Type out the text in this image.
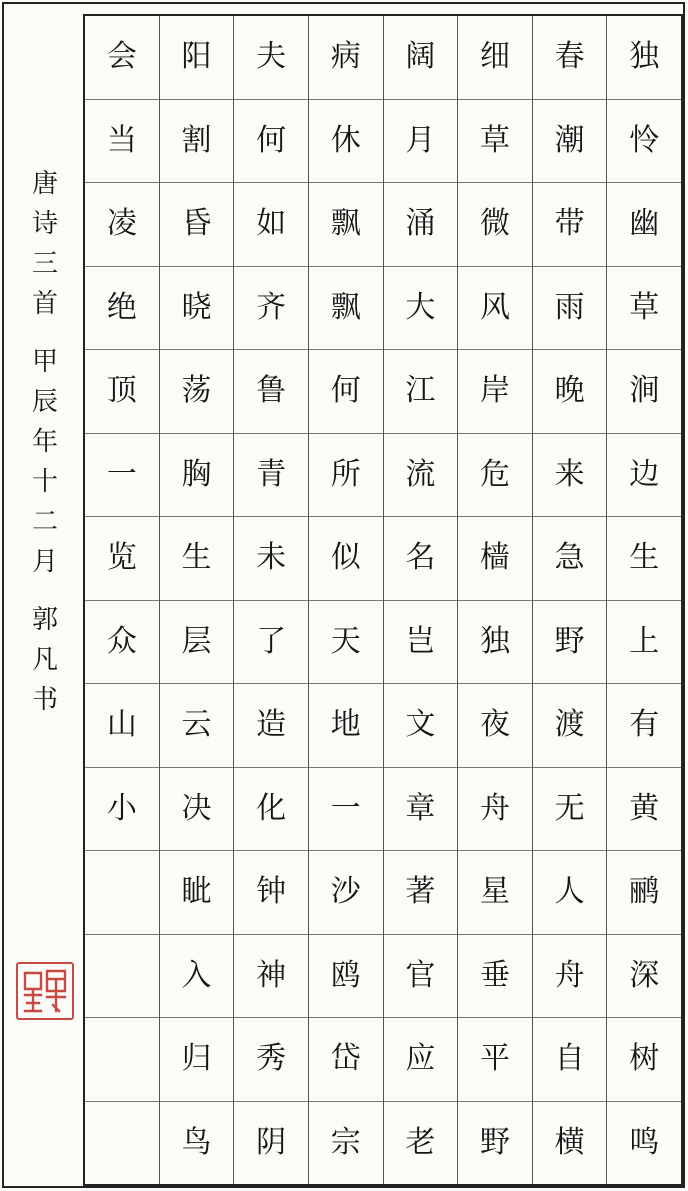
唐
诗
三
首
甲
辰
年
十
二
月
郭
凡
书
独
怜
幽
草
涧
边
生
上
有
黄
鹂
深
树
鸣
春
潮
带
雨
晚
来
急
野
渡
无
人
舟
自
横
细
草
微
风
岸
危
樯
独
夜
舟
星
垂
平
野
阔
月
涌
大
江
流
名
岂
文
章
著
官
应
老
病
休
飘
飘
何
所
似
天
地
一
沙
鸥
岱
宗
夫
何
如
齐
鲁
青
未
了
造
化
钟
神
秀
阴
阳
割
昏
晓
荡
胸
生
层
云
决
眦
入
归
鸟
会
当
凌
绝
顶
一
览
众
山
小
